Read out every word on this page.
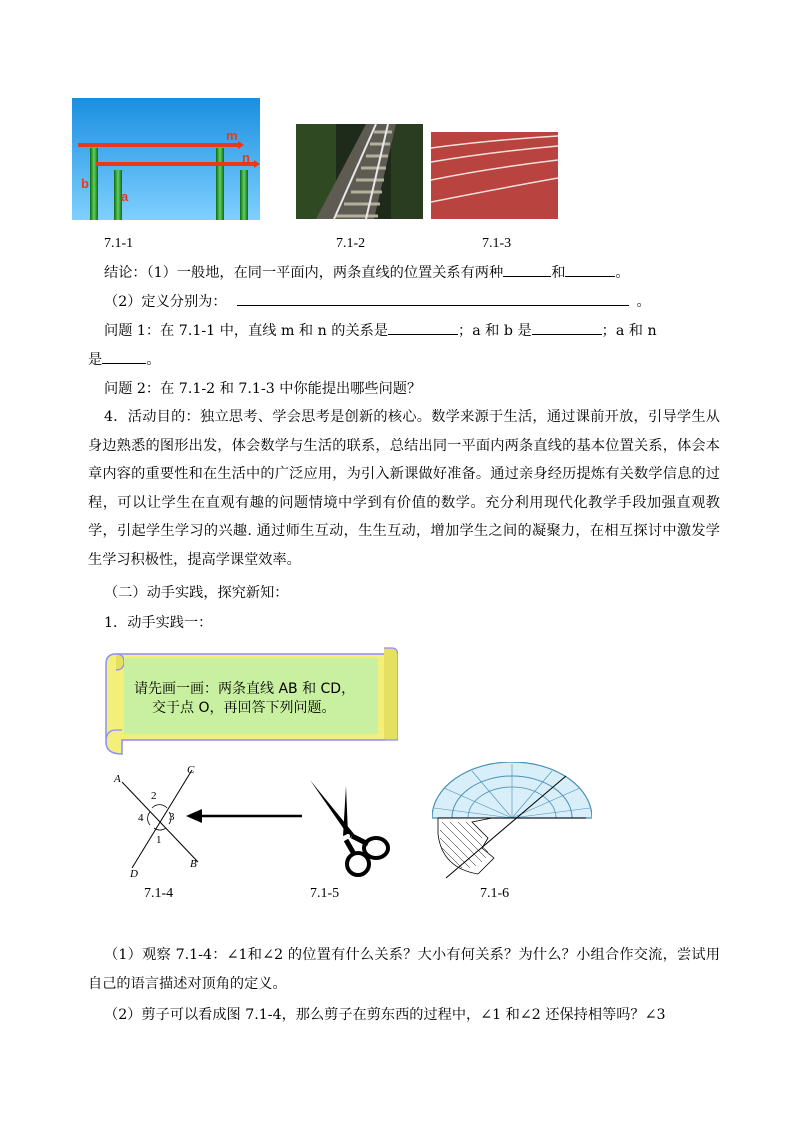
m
n
b
a
7.1-1	7.1-2	7.1-3
结论：（1）一般地，在同一平面内，两条直线的位置关系有两种	和	。
（2）定义分别为：	。
问题 1：在 7.1-1 中，直线 m 和 n 的关系是	；a 和 b 是	；a 和 n
是	。
问题 2：在 7.1-2 和 7.1-3 中你能提出哪些问题？
4．活动目的：独立思考、学会思考是创新的核心。数学来源于生活，通过课前开放，引导学生从身边熟悉的图形出发，体会数学与生活的联系，总结出同一平面内两条直线的基本位置关系，体会本章内容的重要性和在生活中的广泛应用，为引入新课做好准备。通过亲身经历提炼有关数学信息的过程，可以让学生在直观有趣的问题情境中学到有价值的数学。充分利用现代化教学手段加强直观教学，引起学生学习的兴趣. 通过师生互动，生生互动，增加学生之间的凝聚力，在相互探讨中激发学生学习积极性，提高学课堂效率。
（二）动手实践，探究新知：
1．动手实践一：
请先画一画：两条直线 AB 和 CD，
交于点 O，再回答下列问题。
A
C
B
D
2
4 3
1
7.1-4	7.1-5	7.1-6
（1）观察 7.1-4：∠1和∠2 的位置有什么关系？大小有何关系？为什么？小组合作交流，尝试用自己的语言描述对顶角的定义。
（2）剪子可以看成图 7.1-4，那么剪子在剪东西的过程中，∠1 和∠2 还保持相等吗？∠3
